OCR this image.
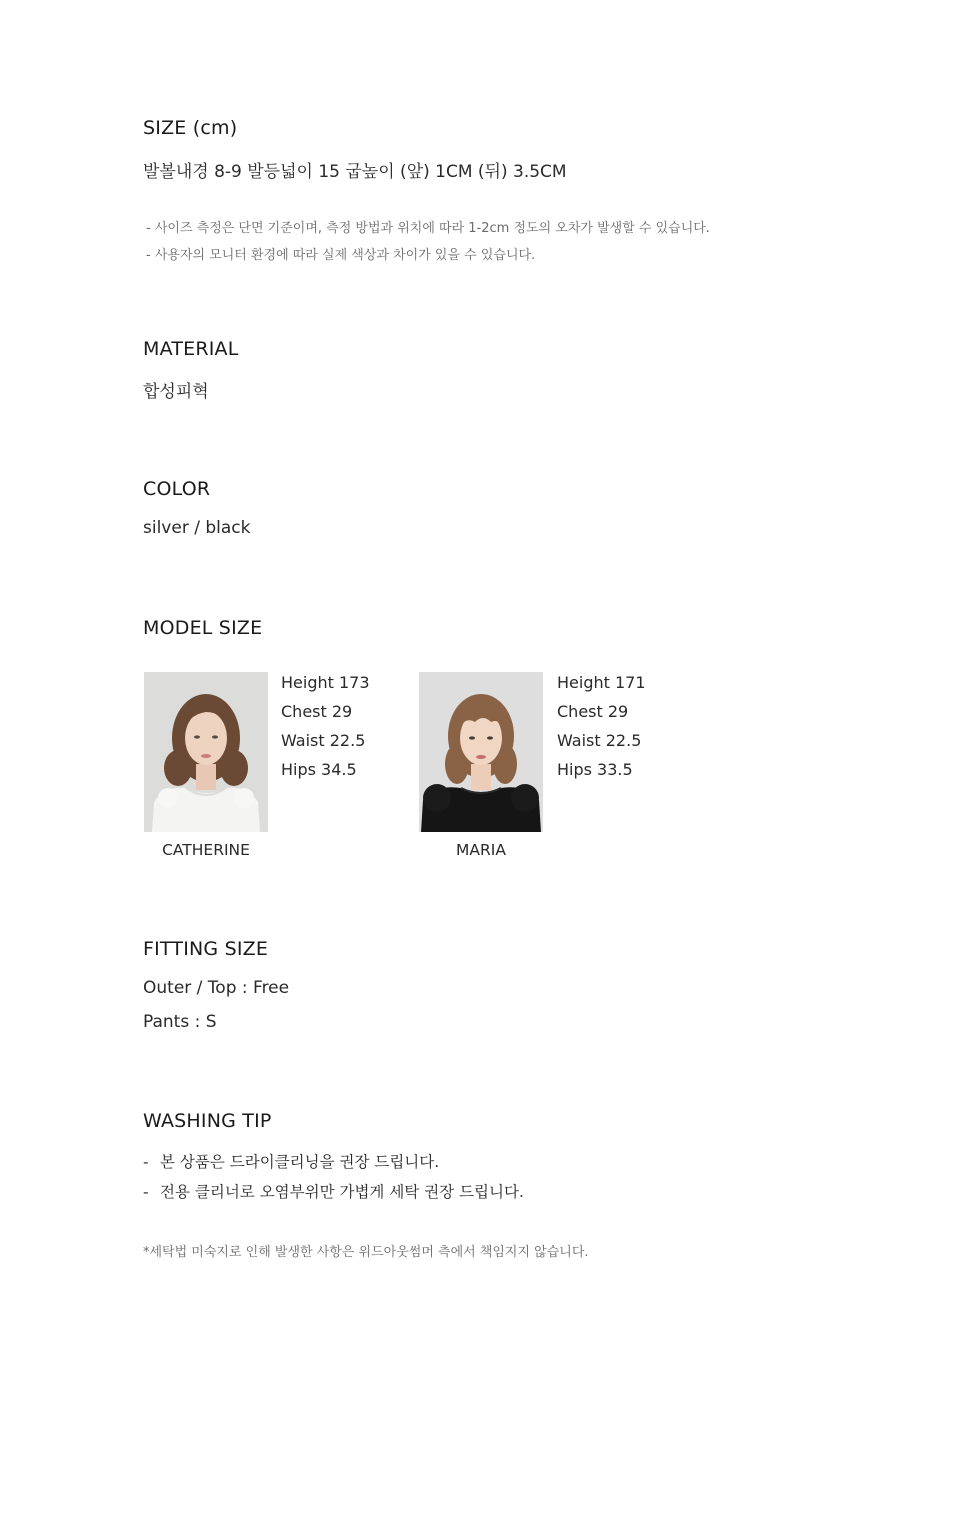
SIZE (cm)
발볼내경 8-9 발등넓이 15 굽높이 (앞) 1CM (뒤) 3.5CM
- 사이즈 측정은 단면 기준이며, 측정 방법과 위치에 따라 1-2cm 정도의 오차가 발생할 수 있습니다.
- 사용자의 모니터 환경에 따라 실제 색상과 차이가 있을 수 있습니다.
MATERIAL
합성피혁
COLOR
silver / black
MODEL SIZE
Height 173
Chest 29
Waist 22.5
Hips 34.5
CATHERINE
Height 171
Chest 29
Waist 22.5
Hips 33.5
MARIA
FITTING SIZE
Outer / Top : Free
Pants : S
WASHING TIP
- 본 상품은 드라이클리닝을 권장 드립니다.
- 전용 클리너로 오염부위만 가볍게 세탁 권장 드립니다.
*세탁법 미숙지로 인해 발생한 사항은 위드아웃썸머 측에서 책임지지 않습니다.
